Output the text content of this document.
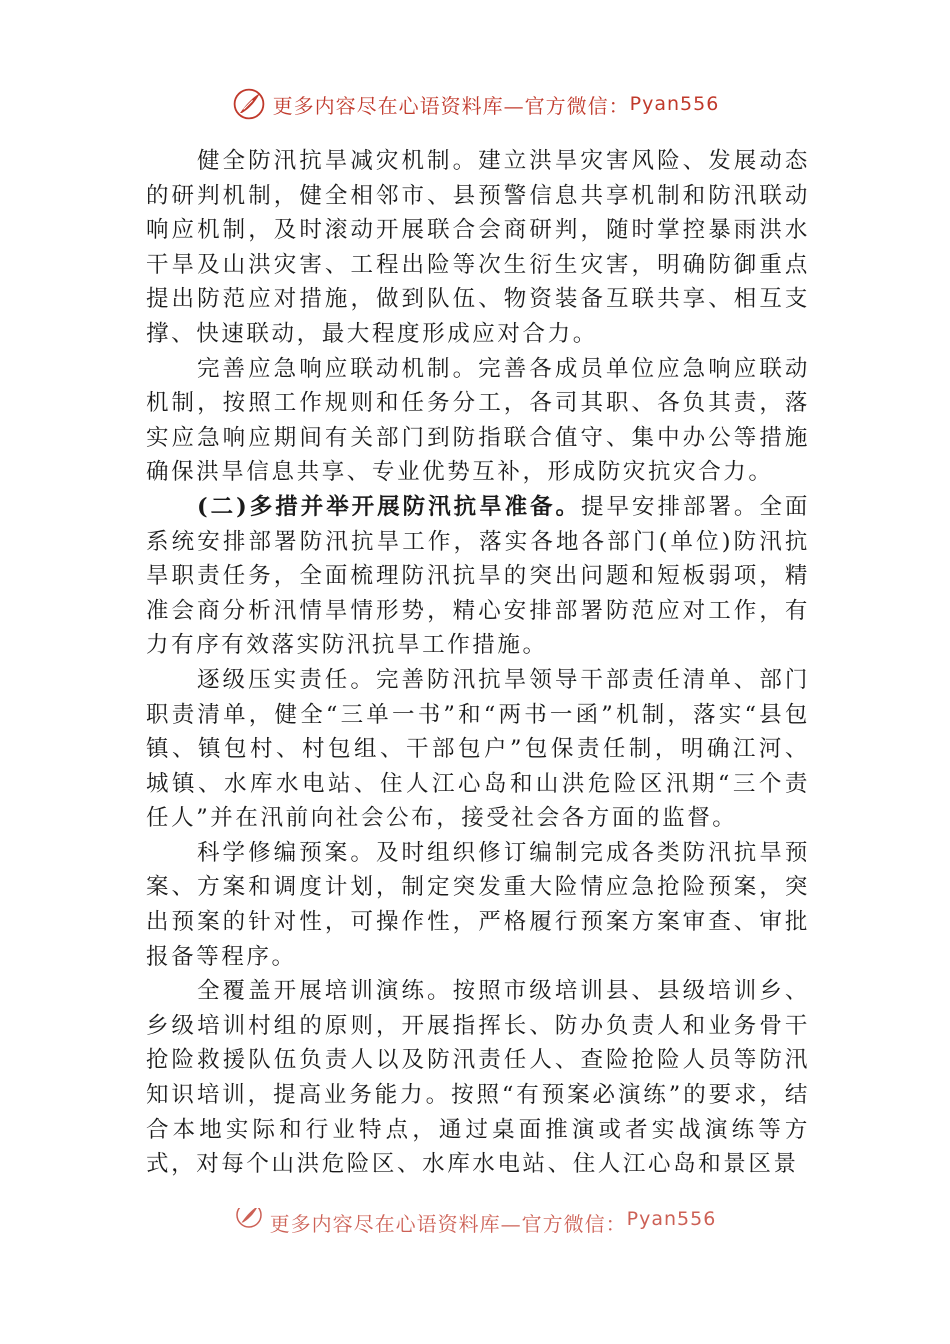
更多内容尽在心语资料库—官方微信： Pyan556

健全防汛抗旱减灾机制。建立洪旱灾害风险、发展动态的研判机制，健全相邻市、县预警信息共享机制和防汛联动响应机制，及时滚动开展联合会商研判，随时掌控暴雨洪水干旱及山洪灾害、工程出险等次生衍生灾害，明确防御重点提出防范应对措施，做到队伍、物资装备互联共享、相互支撑、快速联动，最大程度形成应对合力。

完善应急响应联动机制。完善各成员单位应急响应联动机制，按照工作规则和任务分工，各司其职、各负其责，落实应急响应期间有关部门到防指联合值守、集中办公等措施确保洪旱信息共享、专业优势互补，形成防灾抗灾合力。

(二)多措并举开展防汛抗旱准备。提早安排部署。全面系统安排部署防汛抗旱工作，落实各地各部门(单位)防汛抗旱职责任务，全面梳理防汛抗旱的突出问题和短板弱项，精准会商分析汛情旱情形势，精心安排部署防范应对工作，有力有序有效落实防汛抗旱工作措施。

逐级压实责任。完善防汛抗旱领导干部责任清单、部门职责清单，健全“三单一书”和“两书一函”机制，落实“县包镇、镇包村、村包组、干部包户”包保责任制，明确江河、城镇、水库水电站、住人江心岛和山洪危险区汛期“三个责任人”并在汛前向社会公布，接受社会各方面的监督。

科学修编预案。及时组织修订编制完成各类防汛抗旱预案、方案和调度计划，制定突发重大险情应急抢险预案，突出预案的针对性，可操作性，严格履行预案方案审查、审批报备等程序。

全覆盖开展培训演练。按照市级培训县、县级培训乡、乡级培训村组的原则，开展指挥长、防办负责人和业务骨干抢险救援队伍负责人以及防汛责任人、查险抢险人员等防汛知识培训，提高业务能力。按照“有预案必演练”的要求，结合本地实际和行业特点，通过桌面推演或者实战演练等方式，对每个山洪危险区、水库水电站、住人江心岛和景区景

更多内容尽在心语资料库—官方微信： Pyan556
